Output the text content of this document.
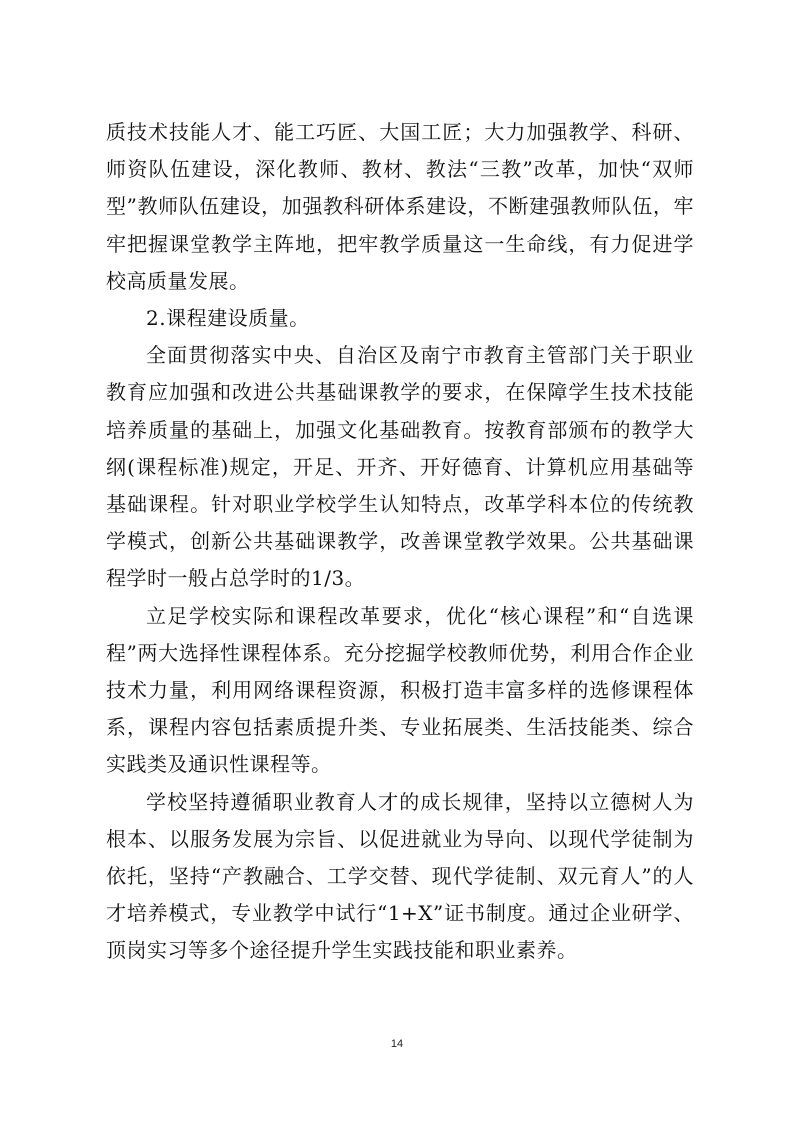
质技术技能人才、能工巧匠、大国工匠；大力加强教学、科研、师资队伍建设，深化教师、教材、教法“三教”改革，加快“双师型”教师队伍建设，加强教科研体系建设，不断建强教师队伍，牢牢把握课堂教学主阵地，把牢教学质量这一生命线，有力促进学校高质量发展。

2.课程建设质量。

全面贯彻落实中央、自治区及南宁市教育主管部门关于职业教育应加强和改进公共基础课教学的要求，在保障学生技术技能培养质量的基础上，加强文化基础教育。按教育部颁布的教学大纲(课程标准)规定，开足、开齐、开好德育、计算机应用基础等基础课程。针对职业学校学生认知特点，改革学科本位的传统教学模式，创新公共基础课教学，改善课堂教学效果。公共基础课程学时一般占总学时的1/3。

立足学校实际和课程改革要求，优化“核心课程”和“自选课程”两大选择性课程体系。充分挖掘学校教师优势，利用合作企业技术力量，利用网络课程资源，积极打造丰富多样的选修课程体系，课程内容包括素质提升类、专业拓展类、生活技能类、综合实践类及通识性课程等。

学校坚持遵循职业教育人才的成长规律，坚持以立德树人为根本、以服务发展为宗旨、以促进就业为导向、以现代学徒制为依托，坚持“产教融合、工学交替、现代学徒制、双元育人”的人才培养模式，专业教学中试行“1+X”证书制度。通过企业研学、顶岗实习等多个途径提升学生实践技能和职业素养。

14
